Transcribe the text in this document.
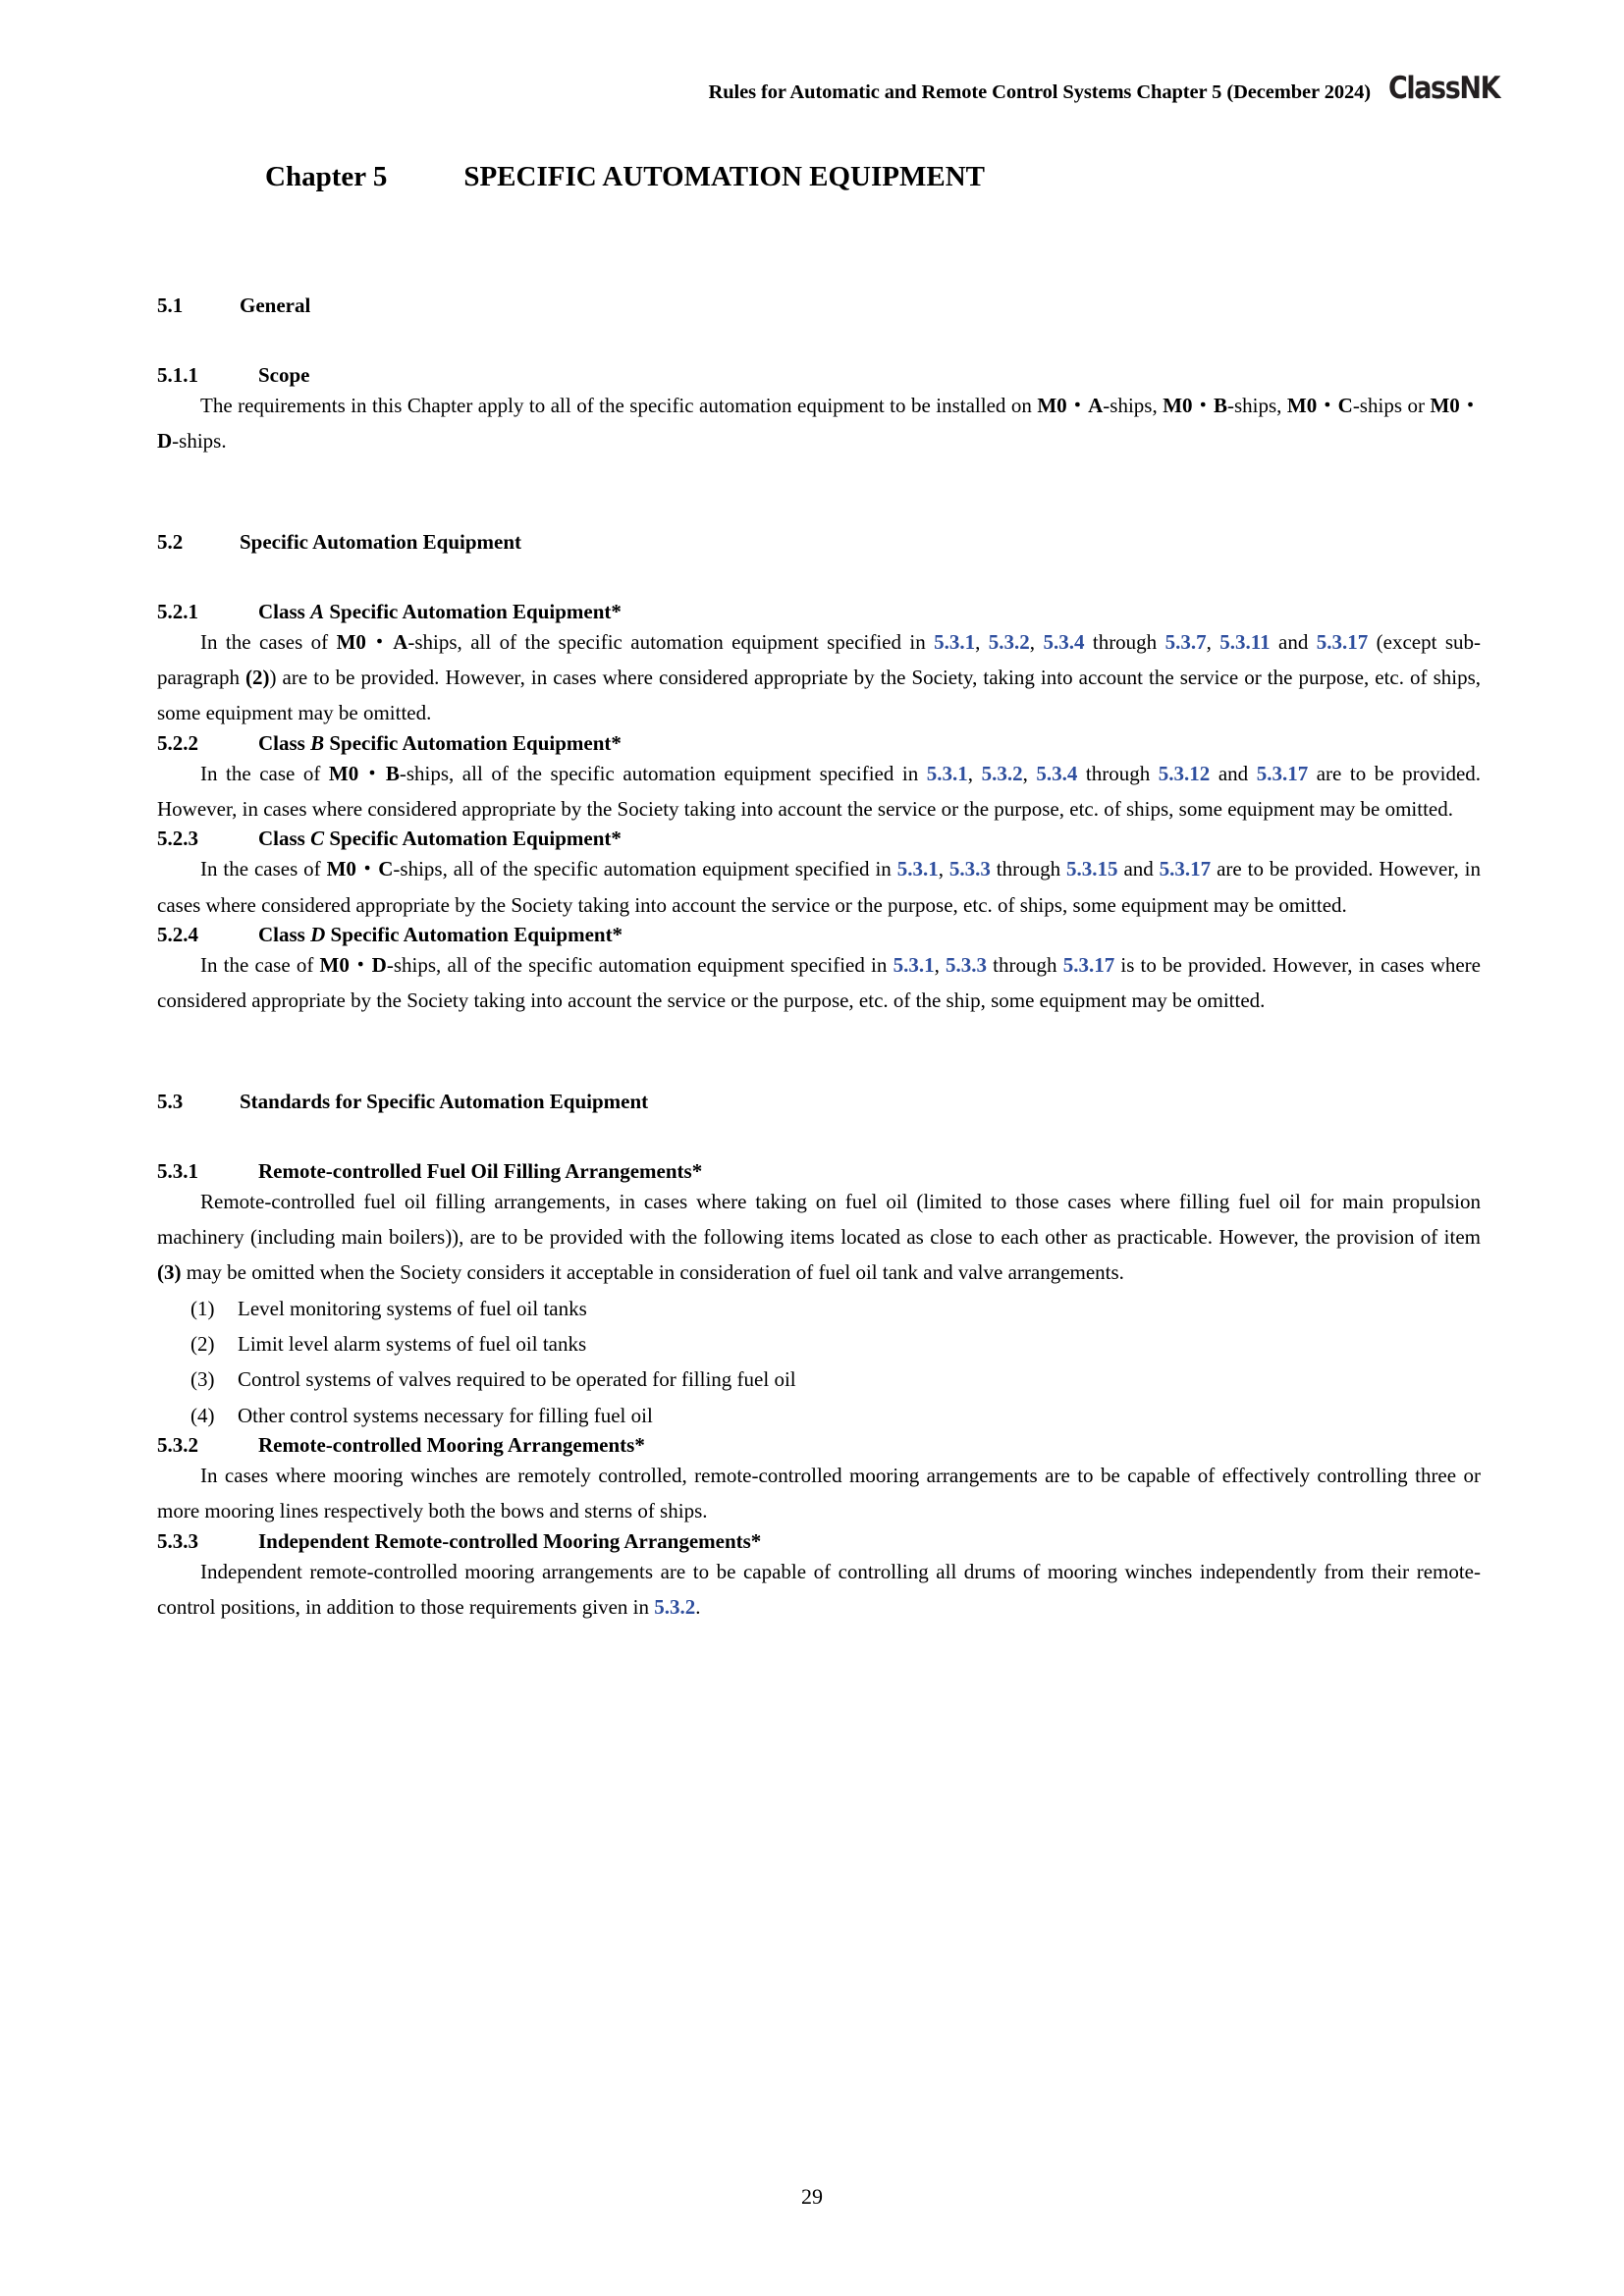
Rules for Automatic and Remote Control Systems Chapter 5 (December 2024) ClassNK
Chapter 5	SPECIFIC AUTOMATION EQUIPMENT
5.1	General
5.1.1	Scope

The requirements in this Chapter apply to all of the specific automation equipment to be installed on M0・A-ships, M0・B-ships, M0・C-ships or M0・D-ships.

5.2	Specific Automation Equipment
5.2.1	Class A Specific Automation Equipment*

In the cases of M0・A-ships, all of the specific automation equipment specified in 5.3.1, 5.3.2, 5.3.4 through 5.3.7, 5.3.11 and 5.3.17 (except sub-paragraph (2)) are to be provided. However, in cases where considered appropriate by the Society, taking into account the service or the purpose, etc. of ships, some equipment may be omitted.

5.2.2	Class B Specific Automation Equipment*

In the case of M0・B-ships, all of the specific automation equipment specified in 5.3.1, 5.3.2, 5.3.4 through 5.3.12 and 5.3.17 are to be provided. However, in cases where considered appropriate by the Society taking into account the service or the purpose, etc. of ships, some equipment may be omitted.

5.2.3	Class C Specific Automation Equipment*

In the cases of M0・C-ships, all of the specific automation equipment specified in 5.3.1, 5.3.3 through 5.3.15 and 5.3.17 are to be provided. However, in cases where considered appropriate by the Society taking into account the service or the purpose, etc. of ships, some equipment may be omitted.

5.2.4	Class D Specific Automation Equipment*

In the case of M0・D-ships, all of the specific automation equipment specified in 5.3.1, 5.3.3 through 5.3.17 is to be provided. However, in cases where considered appropriate by the Society taking into account the service or the purpose, etc. of the ship, some equipment may be omitted.

5.3	Standards for Specific Automation Equipment
5.3.1	Remote-controlled Fuel Oil Filling Arrangements*

Remote-controlled fuel oil filling arrangements, in cases where taking on fuel oil (limited to those cases where filling fuel oil for main propulsion machinery (including main boilers)), are to be provided with the following items located as close to each other as practicable. However, the provision of item (3) may be omitted when the Society considers it acceptable in consideration of fuel oil tank and valve arrangements.

(1)	Level monitoring systems of fuel oil tanks
(2)	Limit level alarm systems of fuel oil tanks
(3)	Control systems of valves required to be operated for filling fuel oil
(4)	Other control systems necessary for filling fuel oil
5.3.2	Remote-controlled Mooring Arrangements*

In cases where mooring winches are remotely controlled, remote-controlled mooring arrangements are to be capable of effectively controlling three or more mooring lines respectively both the bows and sterns of ships.

5.3.3	Independent Remote-controlled Mooring Arrangements*

Independent remote-controlled mooring arrangements are to be capable of controlling all drums of mooring winches independently from their remote-control positions, in addition to those requirements given in 5.3.2.

29
